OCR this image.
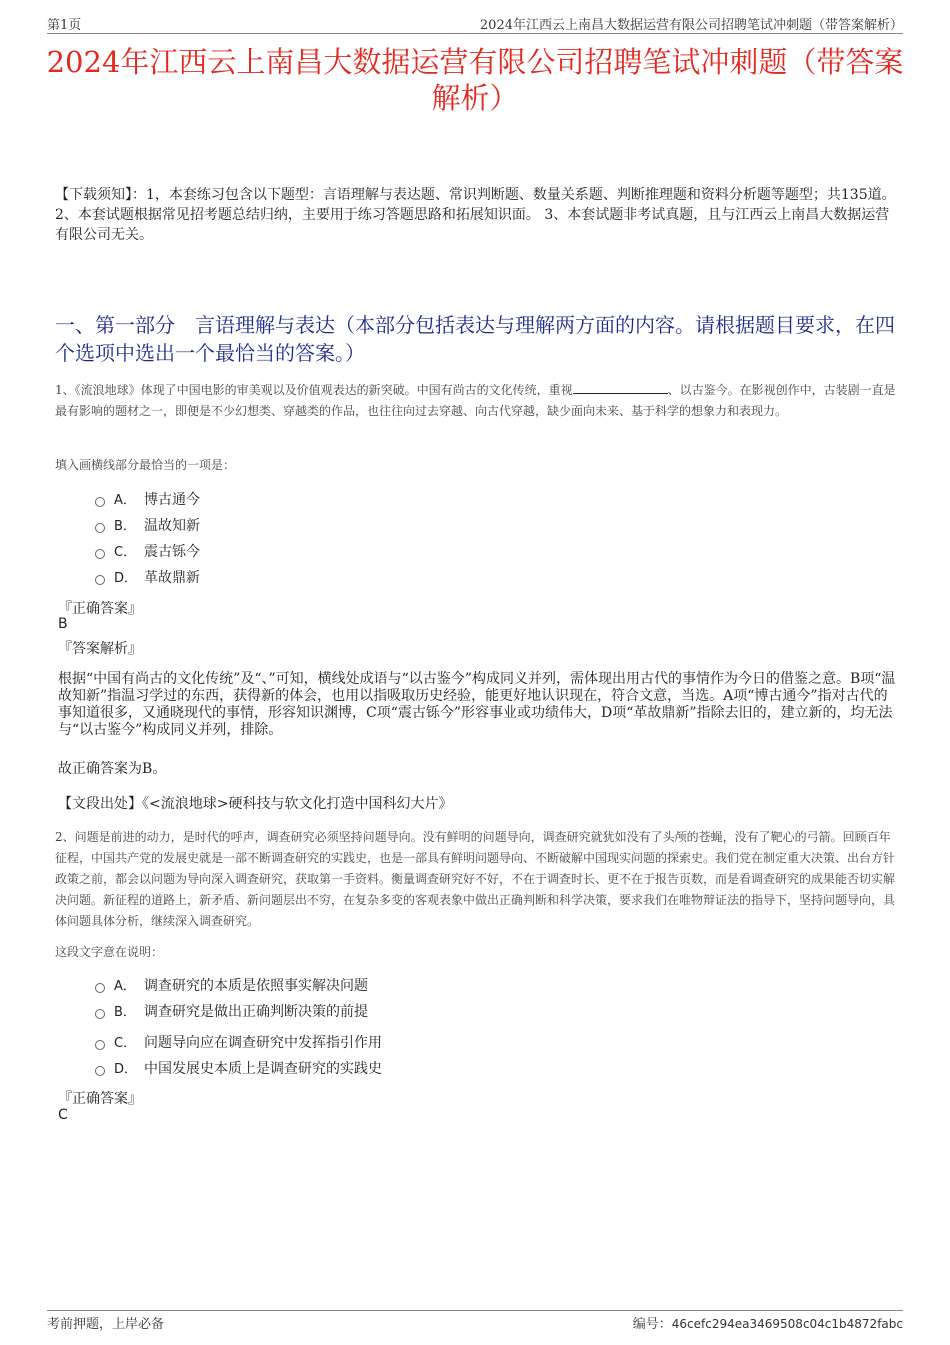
第1页	2024年江西云上南昌大数据运营有限公司招聘笔试冲刺题（带答案解析）
2024年江西云上南昌大数据运营有限公司招聘笔试冲刺题（带答案解析）
【下载须知】：1，本套练习包含以下题型：言语理解与表达题、常识判断题、数量关系题、判断推理题和资料分析题等题型；共135道。 2、本套试题根据常见招考题总结归纳，主要用于练习答题思路和拓展知识面。 3、本套试题非考试真题，且与江西云上南昌大数据运营有限公司无关。
一、第一部分　言语理解与表达（本部分包括表达与理解两方面的内容。请根据题目要求，在四个选项中选出一个最恰当的答案。）
1、《流浪地球》体现了中国电影的审美观以及价值观表达的新突破。中国有尚古的文化传统，重视	、以古鉴今。在影视创作中，古装剧一直是最有影响的题材之一，即便是不少幻想类、穿越类的作品，也往往向过去穿越、向古代穿越，缺少面向未来、基于科学的想象力和表现力。
填入画横线部分最恰当的一项是：
A． 博古通今
B． 温故知新
C． 震古铄今
D． 革故鼎新
『正确答案』
B
『答案解析』
根据“中国有尚古的文化传统”及“、”可知，横线处成语与“以古鉴今”构成同义并列，需体现出用古代的事情作为今日的借鉴之意。B项“温故知新”指温习学过的东西，获得新的体会，也用以指吸取历史经验，能更好地认识现在，符合文意，当选。A项“博古通今”指对古代的事知道很多，又通晓现代的事情，形容知识渊博，C项“震古铄今”形容事业或功绩伟大，D项“革故鼎新”指除去旧的，建立新的，均无法与“以古鉴今”构成同义并列，排除。
故正确答案为B。
【文段出处】《<流浪地球>硬科技与软文化打造中国科幻大片》
2、问题是前进的动力，是时代的呼声，调查研究必须坚持问题导向。没有鲜明的问题导向，调查研究就犹如没有了头颅的苍蝇，没有了靶心的弓箭。回顾百年征程，中国共产党的发展史就是一部不断调查研究的实践史，也是一部具有鲜明问题导向、不断破解中国现实问题的探索史。我们党在制定重大决策、出台方针政策之前，都会以问题为导向深入调查研究，获取第一手资料。衡量调查研究好不好，不在于调查时长、更不在于报告页数，而是看调查研究的成果能否切实解决问题。新征程的道路上，新矛盾、新问题层出不穷，在复杂多变的客观表象中做出正确判断和科学决策，要求我们在唯物辩证法的指导下，坚持问题导向，具体问题具体分析，继续深入调查研究。
这段文字意在说明：
A． 调查研究的本质是依照事实解决问题
B． 调查研究是做出正确判断决策的前提
C． 问题导向应在调查研究中发挥指引作用
D． 中国发展史本质上是调查研究的实践史
『正确答案』
C
考前押题，上岸必备	编号：46cefc294ea3469508c04c1b4872fabc
